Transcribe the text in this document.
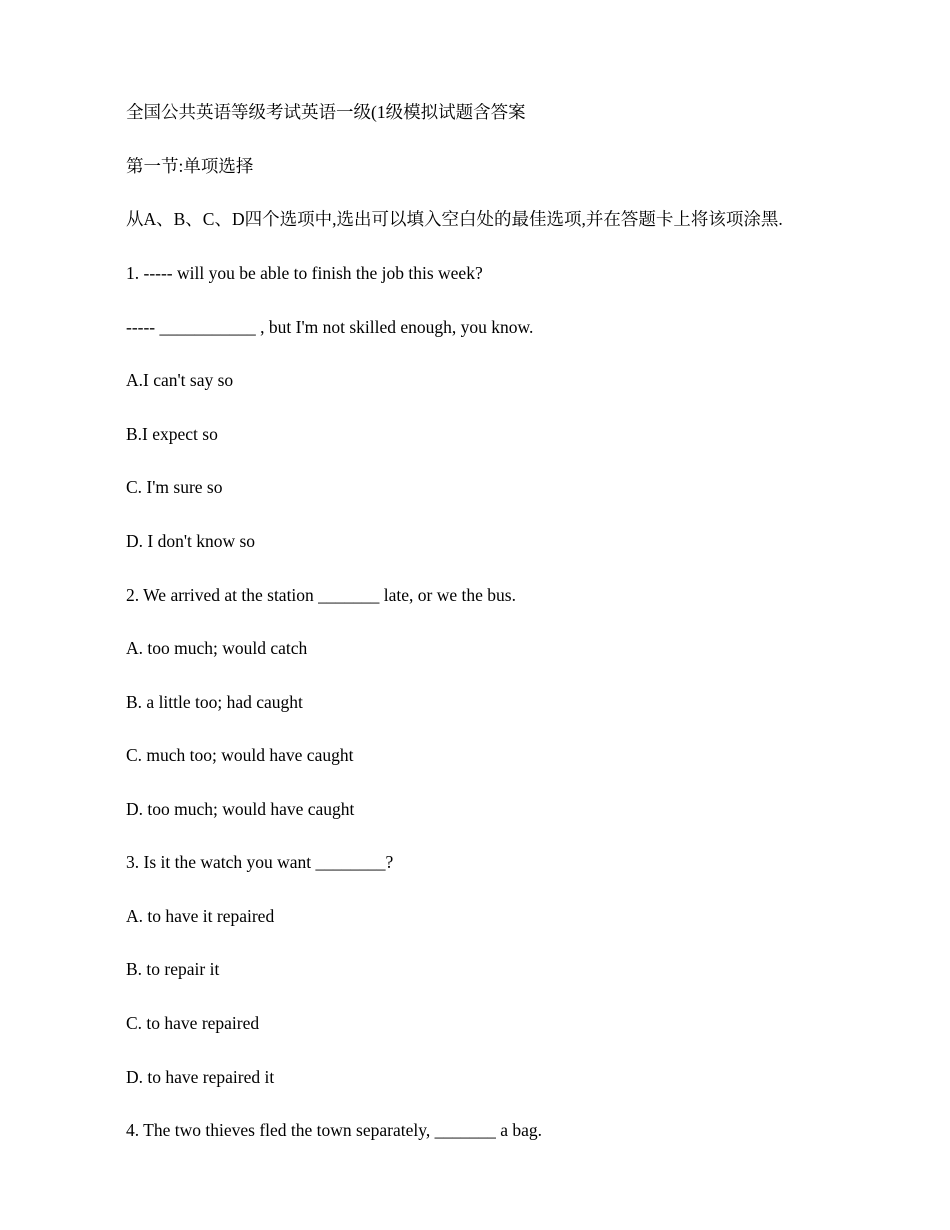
全国公共英语等级考试英语一级(1级模拟试题含答案

第一节:单项选择

从A、B、C、D四个选项中,选出可以填入空白处的最佳选项,并在答题卡上将该项涂黑.

1. ----- will you be able to finish the job this week?

----- ___________ , but I'm not skilled enough, you know.

A.I can't say so

B.I expect so

C. I'm sure so

D. I don't know so

2. We arrived at the station _______ late, or we the bus.

A. too much; would catch

B. a little too; had caught

C. much too; would have caught

D. too much; would have caught

3. Is it the watch you want ________?

A. to have it repaired

B. to repair it

C. to have repaired

D. to have repaired it

4. The two thieves fled the town separately, _______ a bag.
